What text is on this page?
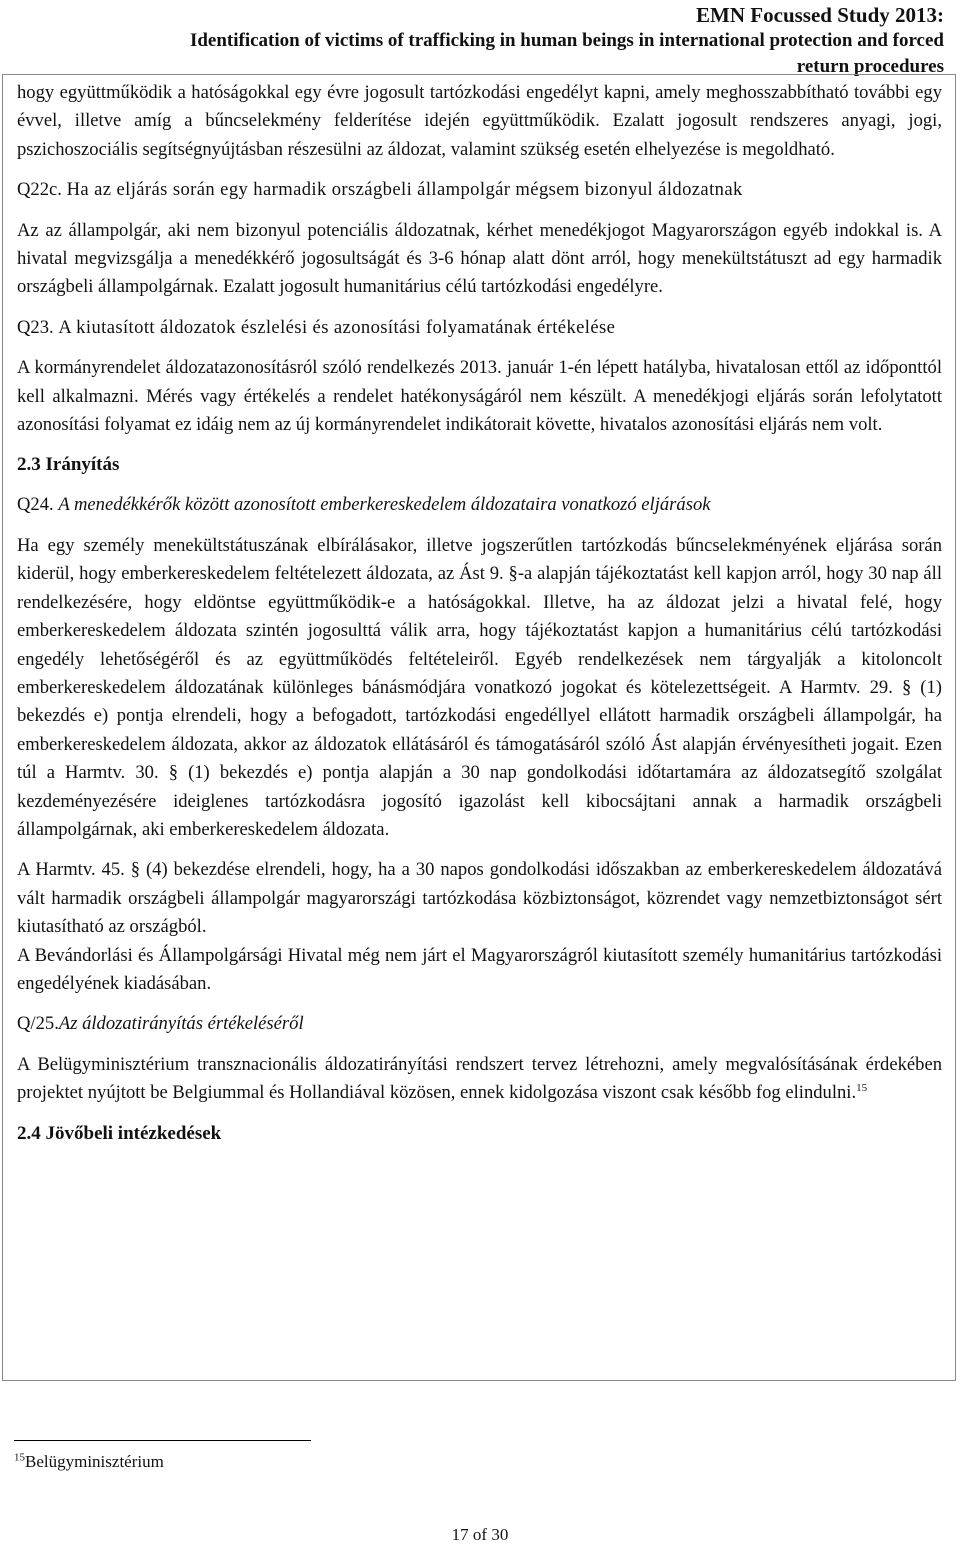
EMN Focussed Study 2013:
Identification of victims of trafficking in human beings in international protection and forced
return procedures

hogy együttműködik a hatóságokkal egy évre jogosult tartózkodási engedélyt kapni, amely meghosszabbítható további egy évvel, illetve amíg a bűncselekmény felderítése idején együttműködik. Ezalatt jogosult rendszeres anyagi, jogi, pszichoszociális segítségnyújtásban részesülni az áldozat, valamint szükség esetén elhelyezése is megoldható.

Q22c. Ha az eljárás során egy harmadik országbeli állampolgár mégsem bizonyul áldozatnak

Az az állampolgár, aki nem bizonyul potenciális áldozatnak, kérhet menedékjogot Magyarországon egyéb indokkal is. A hivatal megvizsgálja a menedékkérő jogosultságát és 3-6 hónap alatt dönt arról, hogy menekültstátuszt ad egy harmadik országbeli állampolgárnak. Ezalatt jogosult humanitárius célú tartózkodási engedélyre.

Q23. A kiutasított áldozatok észlelési és azonosítási folyamatának értékelése

A kormányrendelet áldozatazonosításról szóló rendelkezés 2013. január 1-én lépett hatályba, hivatalosan ettől az időponttól kell alkalmazni. Mérés vagy értékelés a rendelet hatékonyságáról nem készült. A menedékjogi eljárás során lefolytatott azonosítási folyamat ez idáig nem az új kormányrendelet indikátorait követte, hivatalos azonosítási eljárás nem volt.

2.3 Irányítás

Q24. A menedékkérők között azonosított emberkereskedelem áldozataira vonatkozó eljárások

Ha egy személy menekültstátuszának elbírálásakor, illetve jogszerűtlen tartózkodás bűncselekményének eljárása során kiderül, hogy emberkereskedelem feltételezett áldozata, az Ást 9. §-a alapján tájékoztatást kell kapjon arról, hogy 30 nap áll rendelkezésére, hogy eldöntse együttműködik-e a hatóságokkal. Illetve, ha az áldozat jelzi a hivatal felé, hogy emberkereskedelem áldozata szintén jogosulttá válik arra, hogy tájékoztatást kapjon a humanitárius célú tartózkodási engedély lehetőségéről és az együttműködés feltételeiről. Egyéb rendelkezések nem tárgyalják a kitoloncolt emberkereskedelem áldozatának különleges bánásmódjára vonatkozó jogokat és kötelezettségeit. A Harmtv. 29. § (1) bekezdés e) pontja elrendeli, hogy a befogadott, tartózkodási engedéllyel ellátott harmadik országbeli állampolgár, ha emberkereskedelem áldozata, akkor az áldozatok ellátásáról és támogatásáról szóló Ást alapján érvényesítheti jogait. Ezen túl a Harmtv. 30. § (1) bekezdés e) pontja alapján a 30 nap gondolkodási időtartamára az áldozatsegítő szolgálat kezdeményezésére ideiglenes tartózkodásra jogosító igazolást kell kibocsájtani annak a harmadik országbeli állampolgárnak, aki emberkereskedelem áldozata.

A Harmtv. 45. § (4) bekezdése elrendeli, hogy, ha a 30 napos gondolkodási időszakban az emberkereskedelem áldozatává vált harmadik országbeli állampolgár magyarországi tartózkodása közbiztonságot, közrendet vagy nemzetbiztonságot sért kiutasítható az országból.

A Bevándorlási és Állampolgársági Hivatal még nem járt el Magyarországról kiutasított személy humanitárius tartózkodási engedélyének kiadásában.

Q/25.Az áldozatirányítás értékeléséről

A Belügyminisztérium transznacionális áldozatirányítási rendszert tervez létrehozni, amely megvalósításának érdekében projektet nyújtott be Belgiummal és Hollandiával közösen, ennek kidolgozása viszont csak később fog elindulni.$^{15}$

2.4 Jövőbeli intézkedések
$^{15}$Belügyminisztérium
17 of 30
